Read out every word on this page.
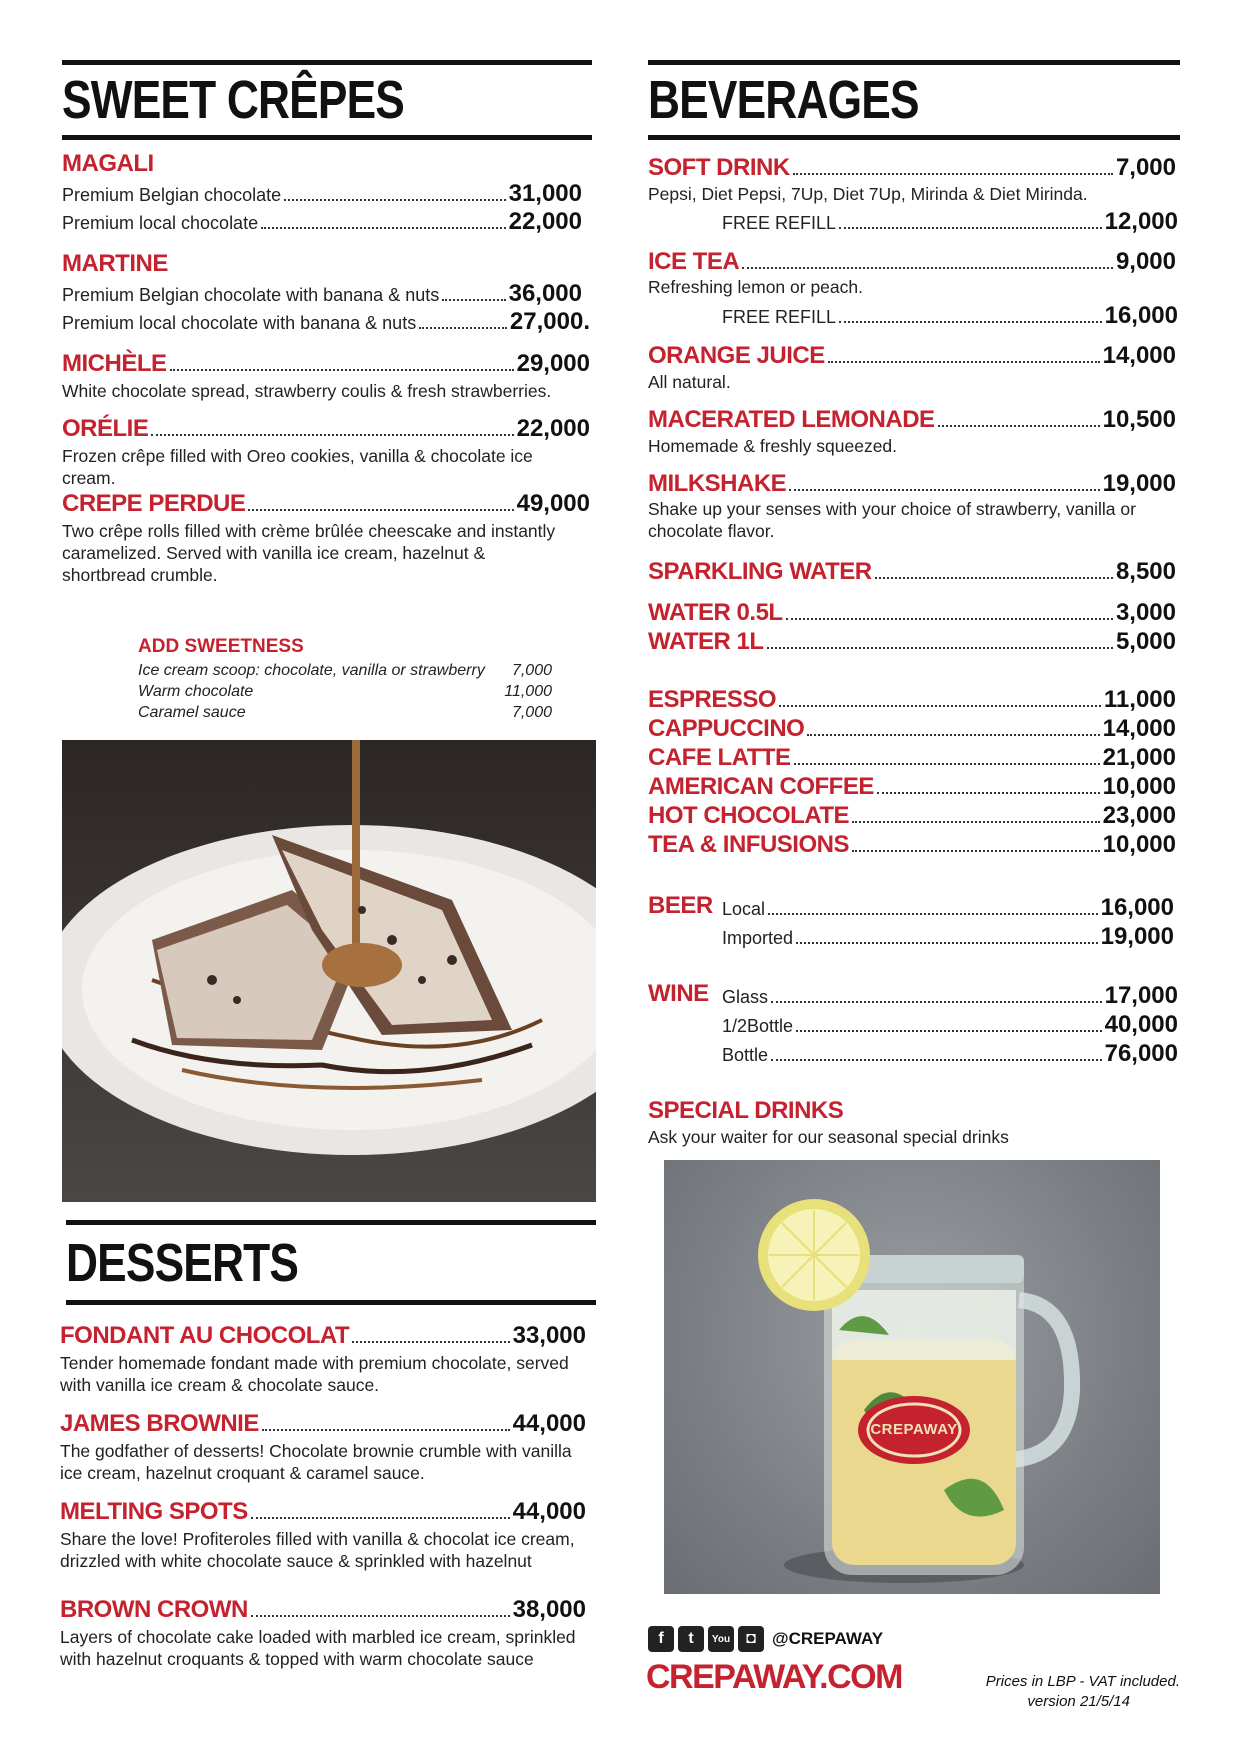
SWEET CRÊPES
MAGALI
Premium Belgian chocolate	31,000
Premium local chocolate	22,000
MARTINE
Premium Belgian chocolate with banana & nuts	36,000
Premium local chocolate with banana & nuts	27,000.
MICHÈLE	29,000
White chocolate spread, strawberry coulis & fresh strawberries.
ORÉLIE	22,000
Frozen crêpe filled with Oreo cookies, vanilla & chocolate ice cream.
CREPE PERDUE	49,000
Two crêpe rolls filled with crème brûlée cheescake and instantly caramelized. Served with vanilla ice cream, hazelnut & shortbread crumble.
ADD SWEETNESS
Ice cream scoop: chocolate, vanilla or strawberry 7,000
Warm chocolate	11,000
Caramel sauce	7,000
DESSERTS
FONDANT AU CHOCOLAT	33,000
Tender homemade fondant made with premium chocolate, served with vanilla ice cream & chocolate sauce.
JAMES BROWNIE	44,000
The godfather of desserts! Chocolate brownie crumble with vanilla ice cream, hazelnut croquant & caramel sauce.
MELTING SPOTS	44,000
Share the love! Profiteroles filled with vanilla & chocolat ice cream, drizzled with white chocolate sauce & sprinkled with hazelnut
BROWN CROWN	38,000
Layers of chocolate cake loaded with marbled ice cream, sprinkled with hazelnut croquants & topped with warm chocolate sauce
BEVERAGES
SOFT DRINK	7,000
Pepsi, Diet Pepsi, 7Up, Diet 7Up, Mirinda & Diet Mirinda.
FREE REFILL	12,000
ICE TEA	9,000
Refreshing lemon or peach.
FREE REFILL	16,000
ORANGE JUICE	14,000
All natural.
MACERATED LEMONADE	10,500
Homemade & freshly squeezed.
MILKSHAKE	19,000
Shake up your senses with your choice of strawberry, vanilla or chocolate flavor.
SPARKLING WATER	8,500
WATER 0.5L	3,000
WATER 1L	5,000
ESPRESSO	11,000
CAPPUCCINO	14,000
CAFE LATTE	21,000
AMERICAN COFFEE	10,000
HOT CHOCOLATE	23,000
TEA & INFUSIONS	10,000
BEER Local	16,000
Imported	19,000
WINE Glass	17,000
1/2Bottle	40,000
Bottle	76,000
SPECIAL DRINKS
Ask your waiter for our seasonal special drinks
CREPAWAY
f	t	You	◘ @CREPAWAY
CREPAWAY.COM	Prices in LBP - VAT included.
version 21/5/14
